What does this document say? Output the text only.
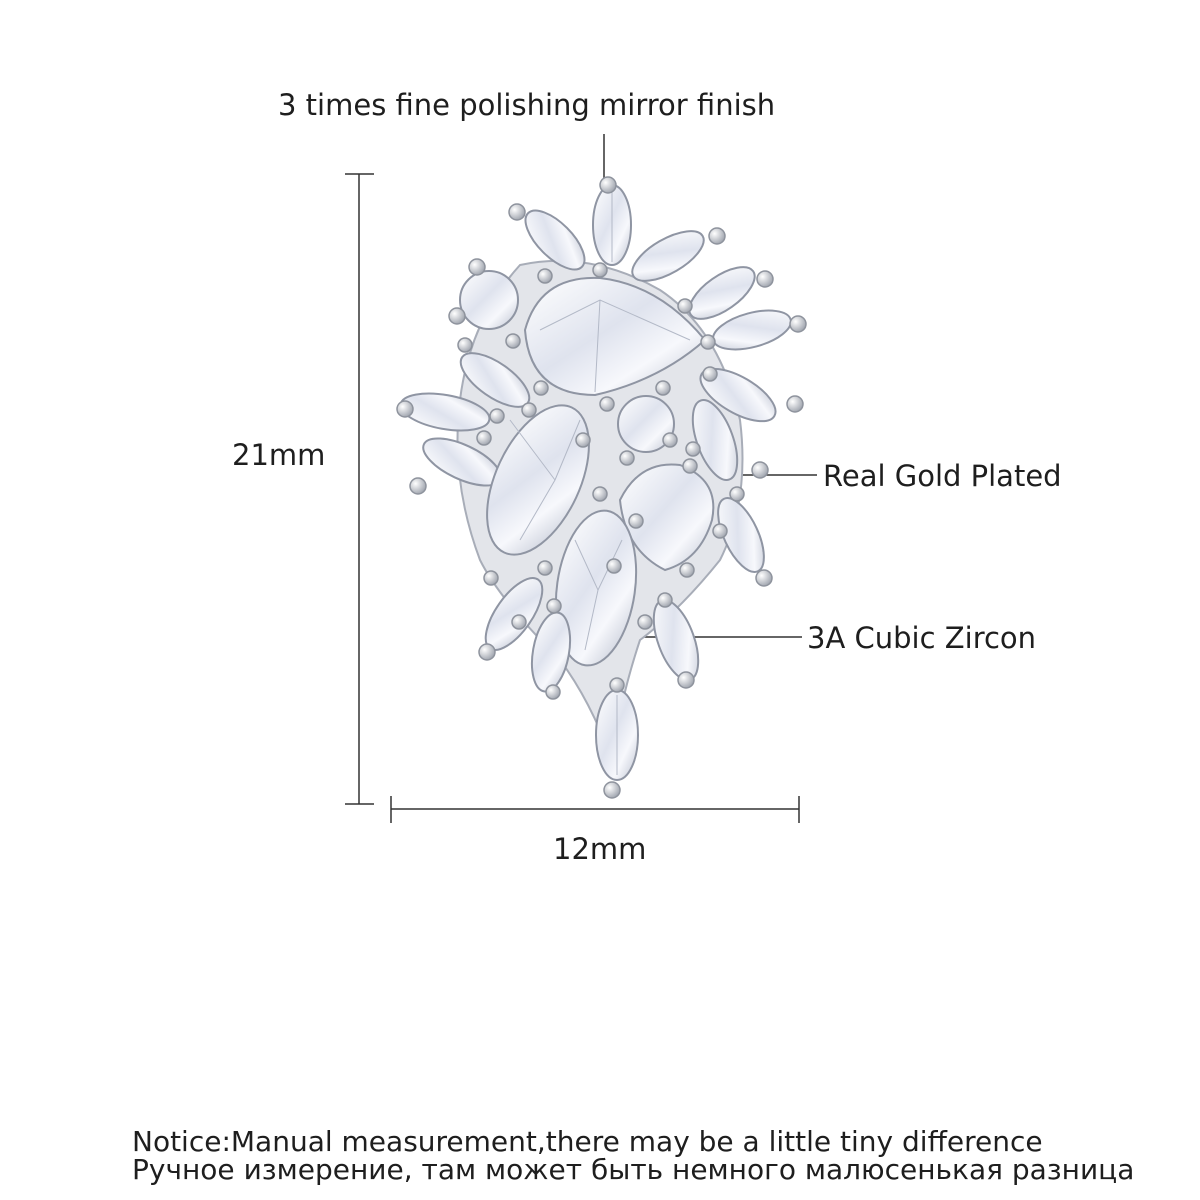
3 times fine polishing mirror finish
21mm
12mm
Real Gold Plated
3A Cubic Zircon
Notice:Manual measurement,there may be a little tiny difference
Ручное измерение, там может быть немного малюсенькая разница
